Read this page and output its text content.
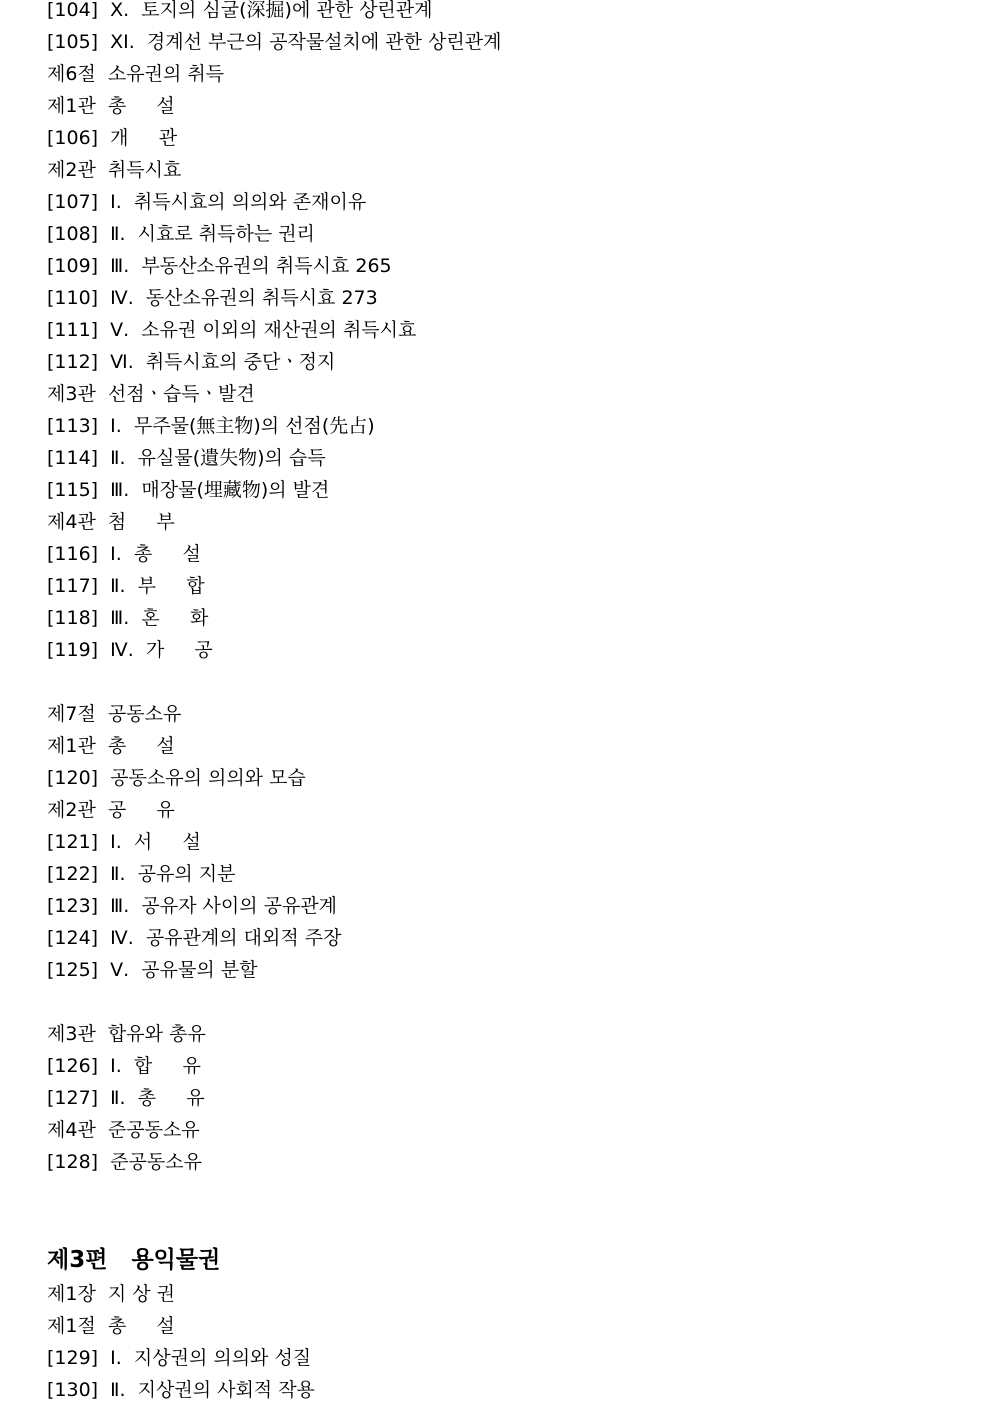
[104]  Ⅹ.  토지의 심굴(深掘)에 관한 상린관계
[105]  ⅩⅠ.  경계선 부근의 공작물설치에 관한 상린관계
제6절  소유권의 취득
제1관  총     설
[106]  개     관
제2관  취득시효
[107]  Ⅰ.  취득시효의 의의와 존재이유
[108]  Ⅱ.  시효로 취득하는 권리
[109]  Ⅲ.  부동산소유권의 취득시효 265
[110]  Ⅳ.  동산소유권의 취득시효 273
[111]  Ⅴ.  소유권 이외의 재산권의 취득시효
[112]  Ⅵ.  취득시효의 중단ㆍ정지
제3관  선점ㆍ습득ㆍ발견
[113]  Ⅰ.  무주물(無主物)의 선점(先占)
[114]  Ⅱ.  유실물(遺失物)의 습득
[115]  Ⅲ.  매장물(埋藏物)의 발견
제4관  첨     부
[116]  Ⅰ.  총     설
[117]  Ⅱ.  부     합
[118]  Ⅲ.  혼     화
[119]  Ⅳ.  가     공
제7절  공동소유
제1관  총     설
[120]  공동소유의 의의와 모습
제2관  공     유
[121]  Ⅰ.  서     설
[122]  Ⅱ.  공유의 지분
[123]  Ⅲ.  공유자 사이의 공유관계
[124]  Ⅳ.  공유관계의 대외적 주장
[125]  Ⅴ.  공유물의 분할
제3관  합유와 총유
[126]  Ⅰ.  합     유
[127]  Ⅱ.  총     유
제4관  준공동소유
[128]  준공동소유
제3편   용익물권
제1장  지 상 권
제1절  총     설
[129]  Ⅰ.  지상권의 의의와 성질
[130]  Ⅱ.  지상권의 사회적 작용
